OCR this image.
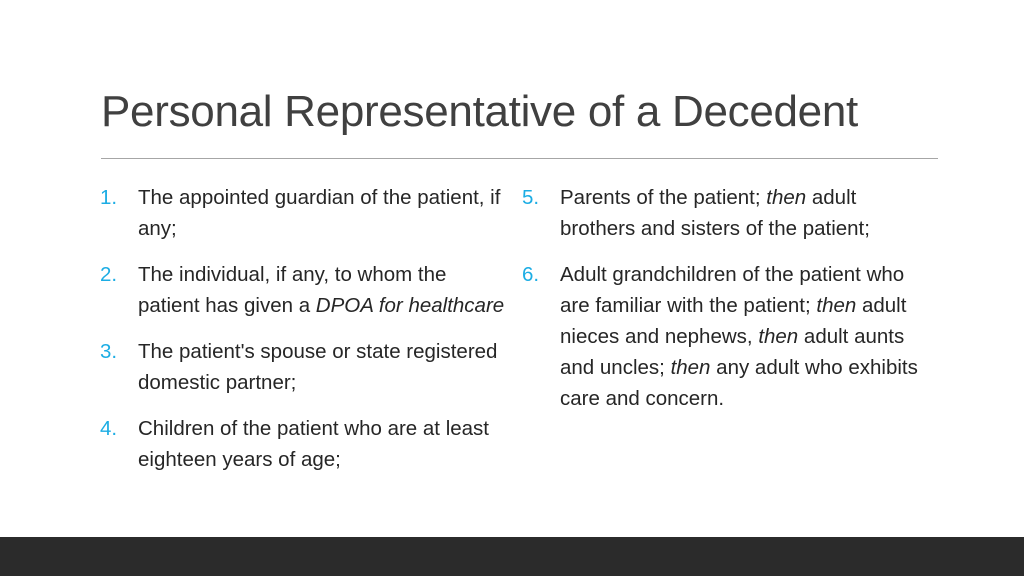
Personal Representative of a Decedent
1. The appointed guardian of the patient, if any;
2. The individual, if any, to whom the patient has given a DPOA for healthcare
3. The patient's spouse or state registered domestic partner;
4. Children of the patient who are at least eighteen years of age;
5. Parents of the patient; then adult brothers and sisters of the patient;
6. Adult grandchildren of the patient who are familiar with the patient; then adult nieces and nephews, then adult aunts and uncles; then any adult who exhibits care and concern.
